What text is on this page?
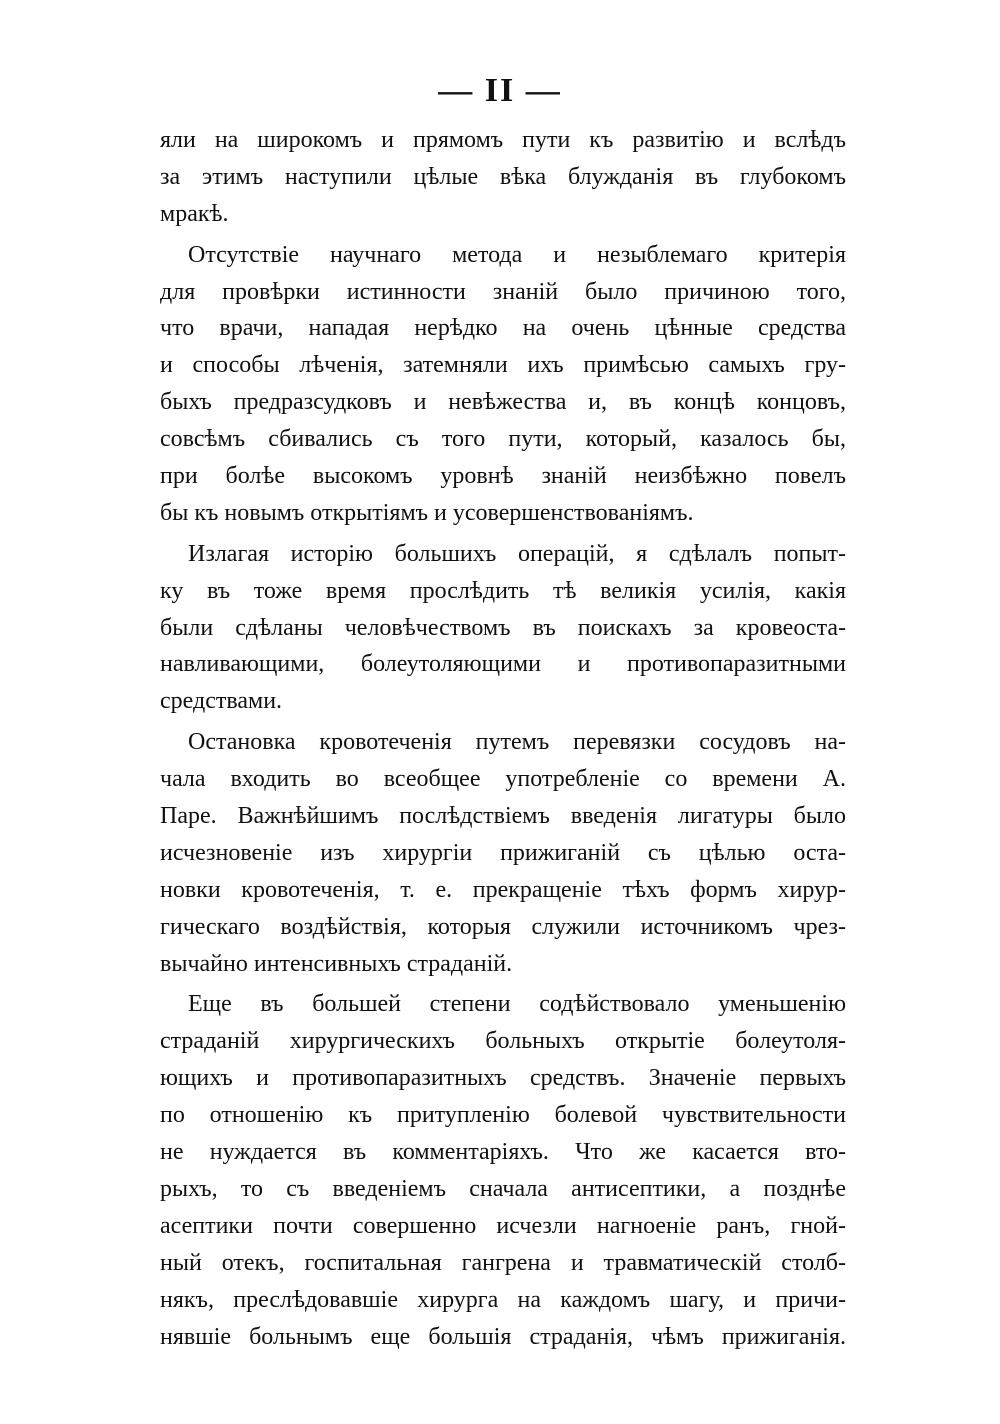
— II —
яли на широкомъ и прямомъ пути къ развитію и вслѣдъ
за этимъ наступили цѣлые вѣка блужданія въ глубокомъ
мракѣ.
Отсутствіе научнаго метода и незыблемаго критерія
для провѣрки истинности знаній было причиною того,
что врачи, нападая нерѣдко на очень цѣнные средства
и способы лѣченія, затемняли ихъ примѣсью самыхъ гру-
быхъ предразсудковъ и невѣжества и, въ концѣ концовъ,
совсѣмъ сбивались съ того пути, который, казалось бы,
при болѣе высокомъ уровнѣ знаній неизбѣжно повелъ
бы къ новымъ открытіямъ и усовершенствованіямъ.
Излагая исторію большихъ операцій, я сдѣлалъ попыт-
ку въ тоже время прослѣдить тѣ великія усилія, какія
были сдѣланы человѣчествомъ въ поискахъ за кровеоста-
навливающими, болеутоляющими и противопаразитными
средствами.
Остановка кровотеченія путемъ перевязки сосудовъ на-
чала входить во всеобщее употребленіе со времени А.
Паре. Важнѣйшимъ послѣдствіемъ введенія лигатуры было
исчезновеніе изъ хирургіи прижиганій съ цѣлью оста-
новки кровотеченія, т. е. прекращеніе тѣхъ формъ хирур-
гическаго воздѣйствія, которыя служили источникомъ чрез-
вычайно интенсивныхъ страданій.
Еще въ большей степени содѣйствовало уменьшенію
страданій хирургическихъ больныхъ открытіе болеутоля-
ющихъ и противопаразитныхъ средствъ. Значеніе первыхъ
по отношенію къ притупленію болевой чувствительности
не нуждается въ комментаріяхъ. Что же касается вто-
рыхъ, то съ введеніемъ сначала антисептики, а позднѣе
асептики почти совершенно исчезли нагноеніе ранъ, гной-
ный отекъ, госпитальная гангрена и травматическій столб-
някъ, преслѣдовавшіе хирурга на каждомъ шагу, и причи-
нявшіе больнымъ еще большія страданія, чѣмъ прижиганія.
